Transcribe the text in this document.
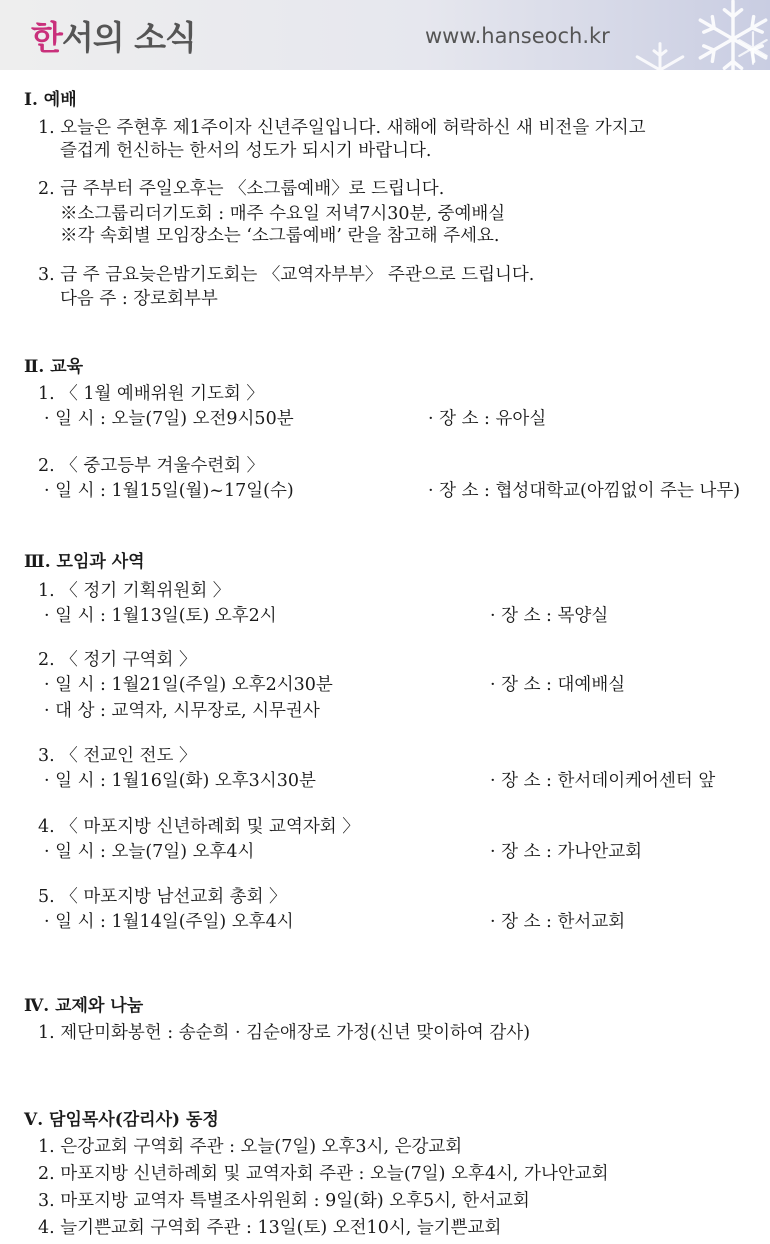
한서의 소식	www.hanseoch.kr
Ⅰ. 예배
1. 오늘은 주현후 제1주이자 신년주일입니다. 새해에 허락하신 새 비전을 가지고
즐겁게 헌신하는 한서의 성도가 되시기 바랍니다.
2. 금 주부터 주일오후는 〈소그룹예배〉로 드립니다.
※소그룹리더기도회 : 매주 수요일 저녁7시30분, 중예배실
※각 속회별 모임장소는 ‘소그룹예배’ 란을 참고해 주세요.
3. 금 주 금요늦은밤기도회는 〈교역자부부〉 주관으로 드립니다.
다음 주 : 장로회부부
Ⅱ. 교육
1. 〈 1월 예배위원 기도회 〉
· 일 시 : 오늘(7일) 오전9시50분	· 장 소 : 유아실
2. 〈 중고등부 겨울수련회 〉
· 일 시 : 1월15일(월)~17일(수)	· 장 소 : 협성대학교(아낌없이 주는 나무)
Ⅲ. 모임과 사역
1. 〈 정기 기획위원회 〉
· 일 시 : 1월13일(토) 오후2시	· 장 소 : 목양실
2. 〈 정기 구역회 〉
· 일 시 : 1월21일(주일) 오후2시30분	· 장 소 : 대예배실
· 대 상 : 교역자, 시무장로, 시무권사
3. 〈 전교인 전도 〉
· 일 시 : 1월16일(화) 오후3시30분	· 장 소 : 한서데이케어센터 앞
4. 〈 마포지방 신년하례회 및 교역자회 〉
· 일 시 : 오늘(7일) 오후4시	· 장 소 : 가나안교회
5. 〈 마포지방 남선교회 총회 〉
· 일 시 : 1월14일(주일) 오후4시	· 장 소 : 한서교회
Ⅳ. 교제와 나눔
1. 제단미화봉헌 : 송순희 · 김순애장로 가정(신년 맞이하여 감사)
Ⅴ. 담임목사(감리사) 동정
1. 은강교회 구역회 주관 : 오늘(7일) 오후3시, 은강교회
2. 마포지방 신년하례회 및 교역자회 주관 : 오늘(7일) 오후4시, 가나안교회
3. 마포지방 교역자 특별조사위원회 : 9일(화) 오후5시, 한서교회
4. 늘기쁜교회 구역회 주관 : 13일(토) 오전10시, 늘기쁜교회
